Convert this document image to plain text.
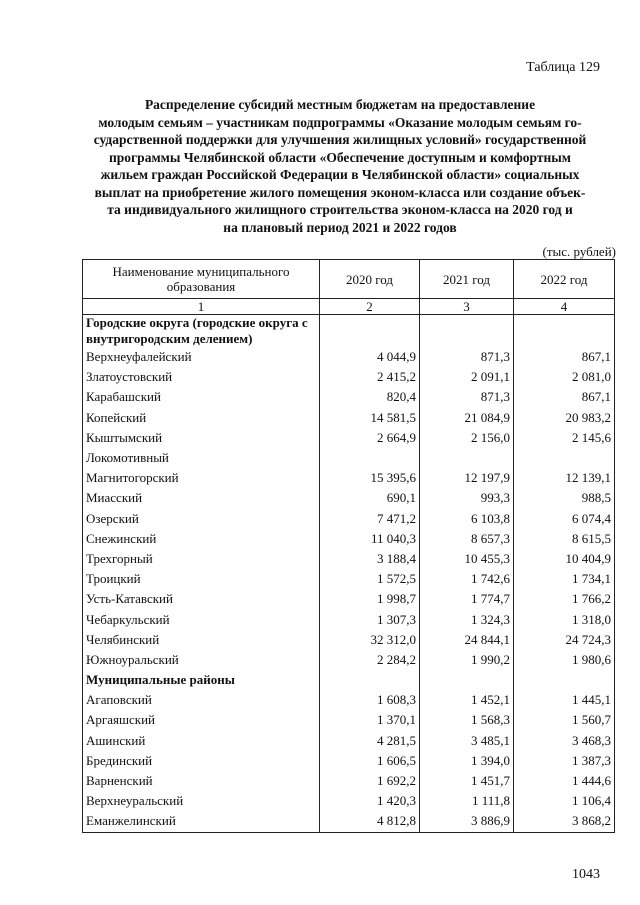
Таблица 129
Распределение субсидий местным бюджетам на предоставление
молодым семьям – участникам подпрограммы «Оказание молодым семьям го-
сударственной поддержки для улучшения жилищных условий» государственной
программы Челябинской области «Обеспечение доступным и комфортным
жильем граждан Российской Федерации в Челябинской области» социальных
выплат на приобретение жилого помещения эконом-класса или создание объек-
та индивидуального жилищного строительства эконом-класса на 2020 год и
на плановый период 2021 и 2022 годов
(тыс. рублей)
Наименование муниципального образования	2020 год	2021 год	2022 год
1	2	3	4
Городские округа (городские округа с внутригородским делением)			
Верхнеуфалейский	4 044,9	871,3	867,1
Златоустовский	2 415,2	2 091,1	2 081,0
Карабашский	820,4	871,3	867,1
Копейский	14 581,5	21 084,9	20 983,2
Кыштымский	2 664,9	2 156,0	2 145,6
Локомотивный			
Магнитогорский	15 395,6	12 197,9	12 139,1
Миасский	690,1	993,3	988,5
Озерский	7 471,2	6 103,8	6 074,4
Снежинский	11 040,3	8 657,3	8 615,5
Трехгорный	3 188,4	10 455,3	10 404,9
Троицкий	1 572,5	1 742,6	1 734,1
Усть-Катавский	1 998,7	1 774,7	1 766,2
Чебаркульский	1 307,3	1 324,3	1 318,0
Челябинский	32 312,0	24 844,1	24 724,3
Южноуральский	2 284,2	1 990,2	1 980,6
Муниципальные районы			
Агаповский	1 608,3	1 452,1	1 445,1
Аргаяшский	1 370,1	1 568,3	1 560,7
Ашинский	4 281,5	3 485,1	3 468,3
Брединский	1 606,5	1 394,0	1 387,3
Варненский	1 692,2	1 451,7	1 444,6
Верхнеуральский	1 420,3	1 111,8	1 106,4
Еманжелинский	4 812,8	3 886,9	3 868,2
1043
